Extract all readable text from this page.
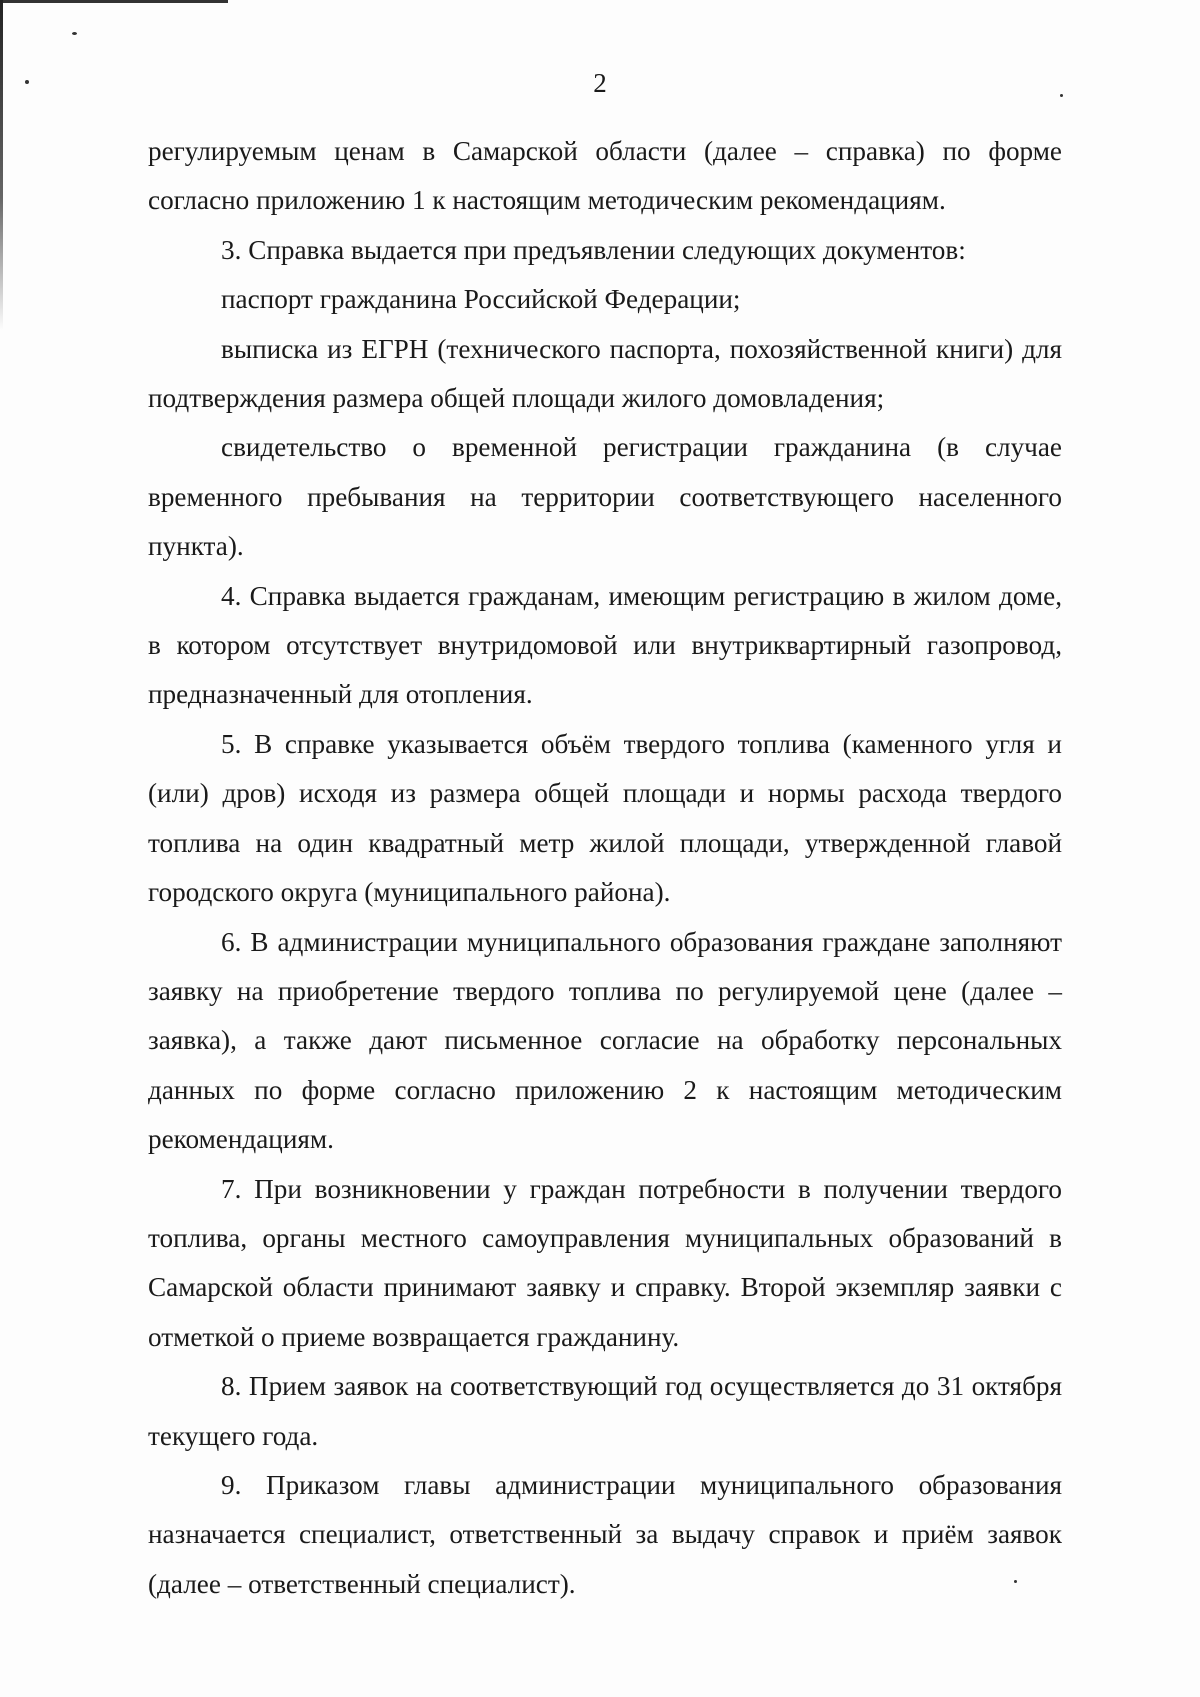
2

регулируемым ценам в Самарской области (далее – справка) по форме согласно приложению 1 к настоящим методическим рекомендациям.

3. Справка выдается при предъявлении следующих документов:

паспорт гражданина Российской Федерации;

выписка из ЕГРН (технического паспорта, похозяйственной книги) для подтверждения размера общей площади жилого домовладения;

свидетельство о временной регистрации гражданина (в случае временного пребывания на территории соответствующего населенного пункта).

4. Справка выдается гражданам, имеющим регистрацию в жилом доме, в котором отсутствует внутридомовой или внутриквартирный газопровод, предназначенный для отопления.

5. В справке указывается объём твердого топлива (каменного угля и (или) дров) исходя из размера общей площади и нормы расхода твердого топлива на один квадратный метр жилой площади, утвержденной главой городского округа (муниципального района).

6. В администрации муниципального образования граждане заполняют заявку на приобретение твердого топлива по регулируемой цене (далее – заявка), а также дают письменное согласие на обработку персональных данных по форме согласно приложению 2 к настоящим методическим рекомендациям.

7. При возникновении у граждан потребности в получении твердого топлива, органы местного самоуправления муниципальных образований в Самарской области принимают заявку и справку. Второй экземпляр заявки с отметкой о приеме возвращается гражданину.

8. Прием заявок на соответствующий год осуществляется до 31 октября текущего года.

9. Приказом главы администрации муниципального образования назначается специалист, ответственный за выдачу справок и приём заявок (далее – ответственный специалист).
